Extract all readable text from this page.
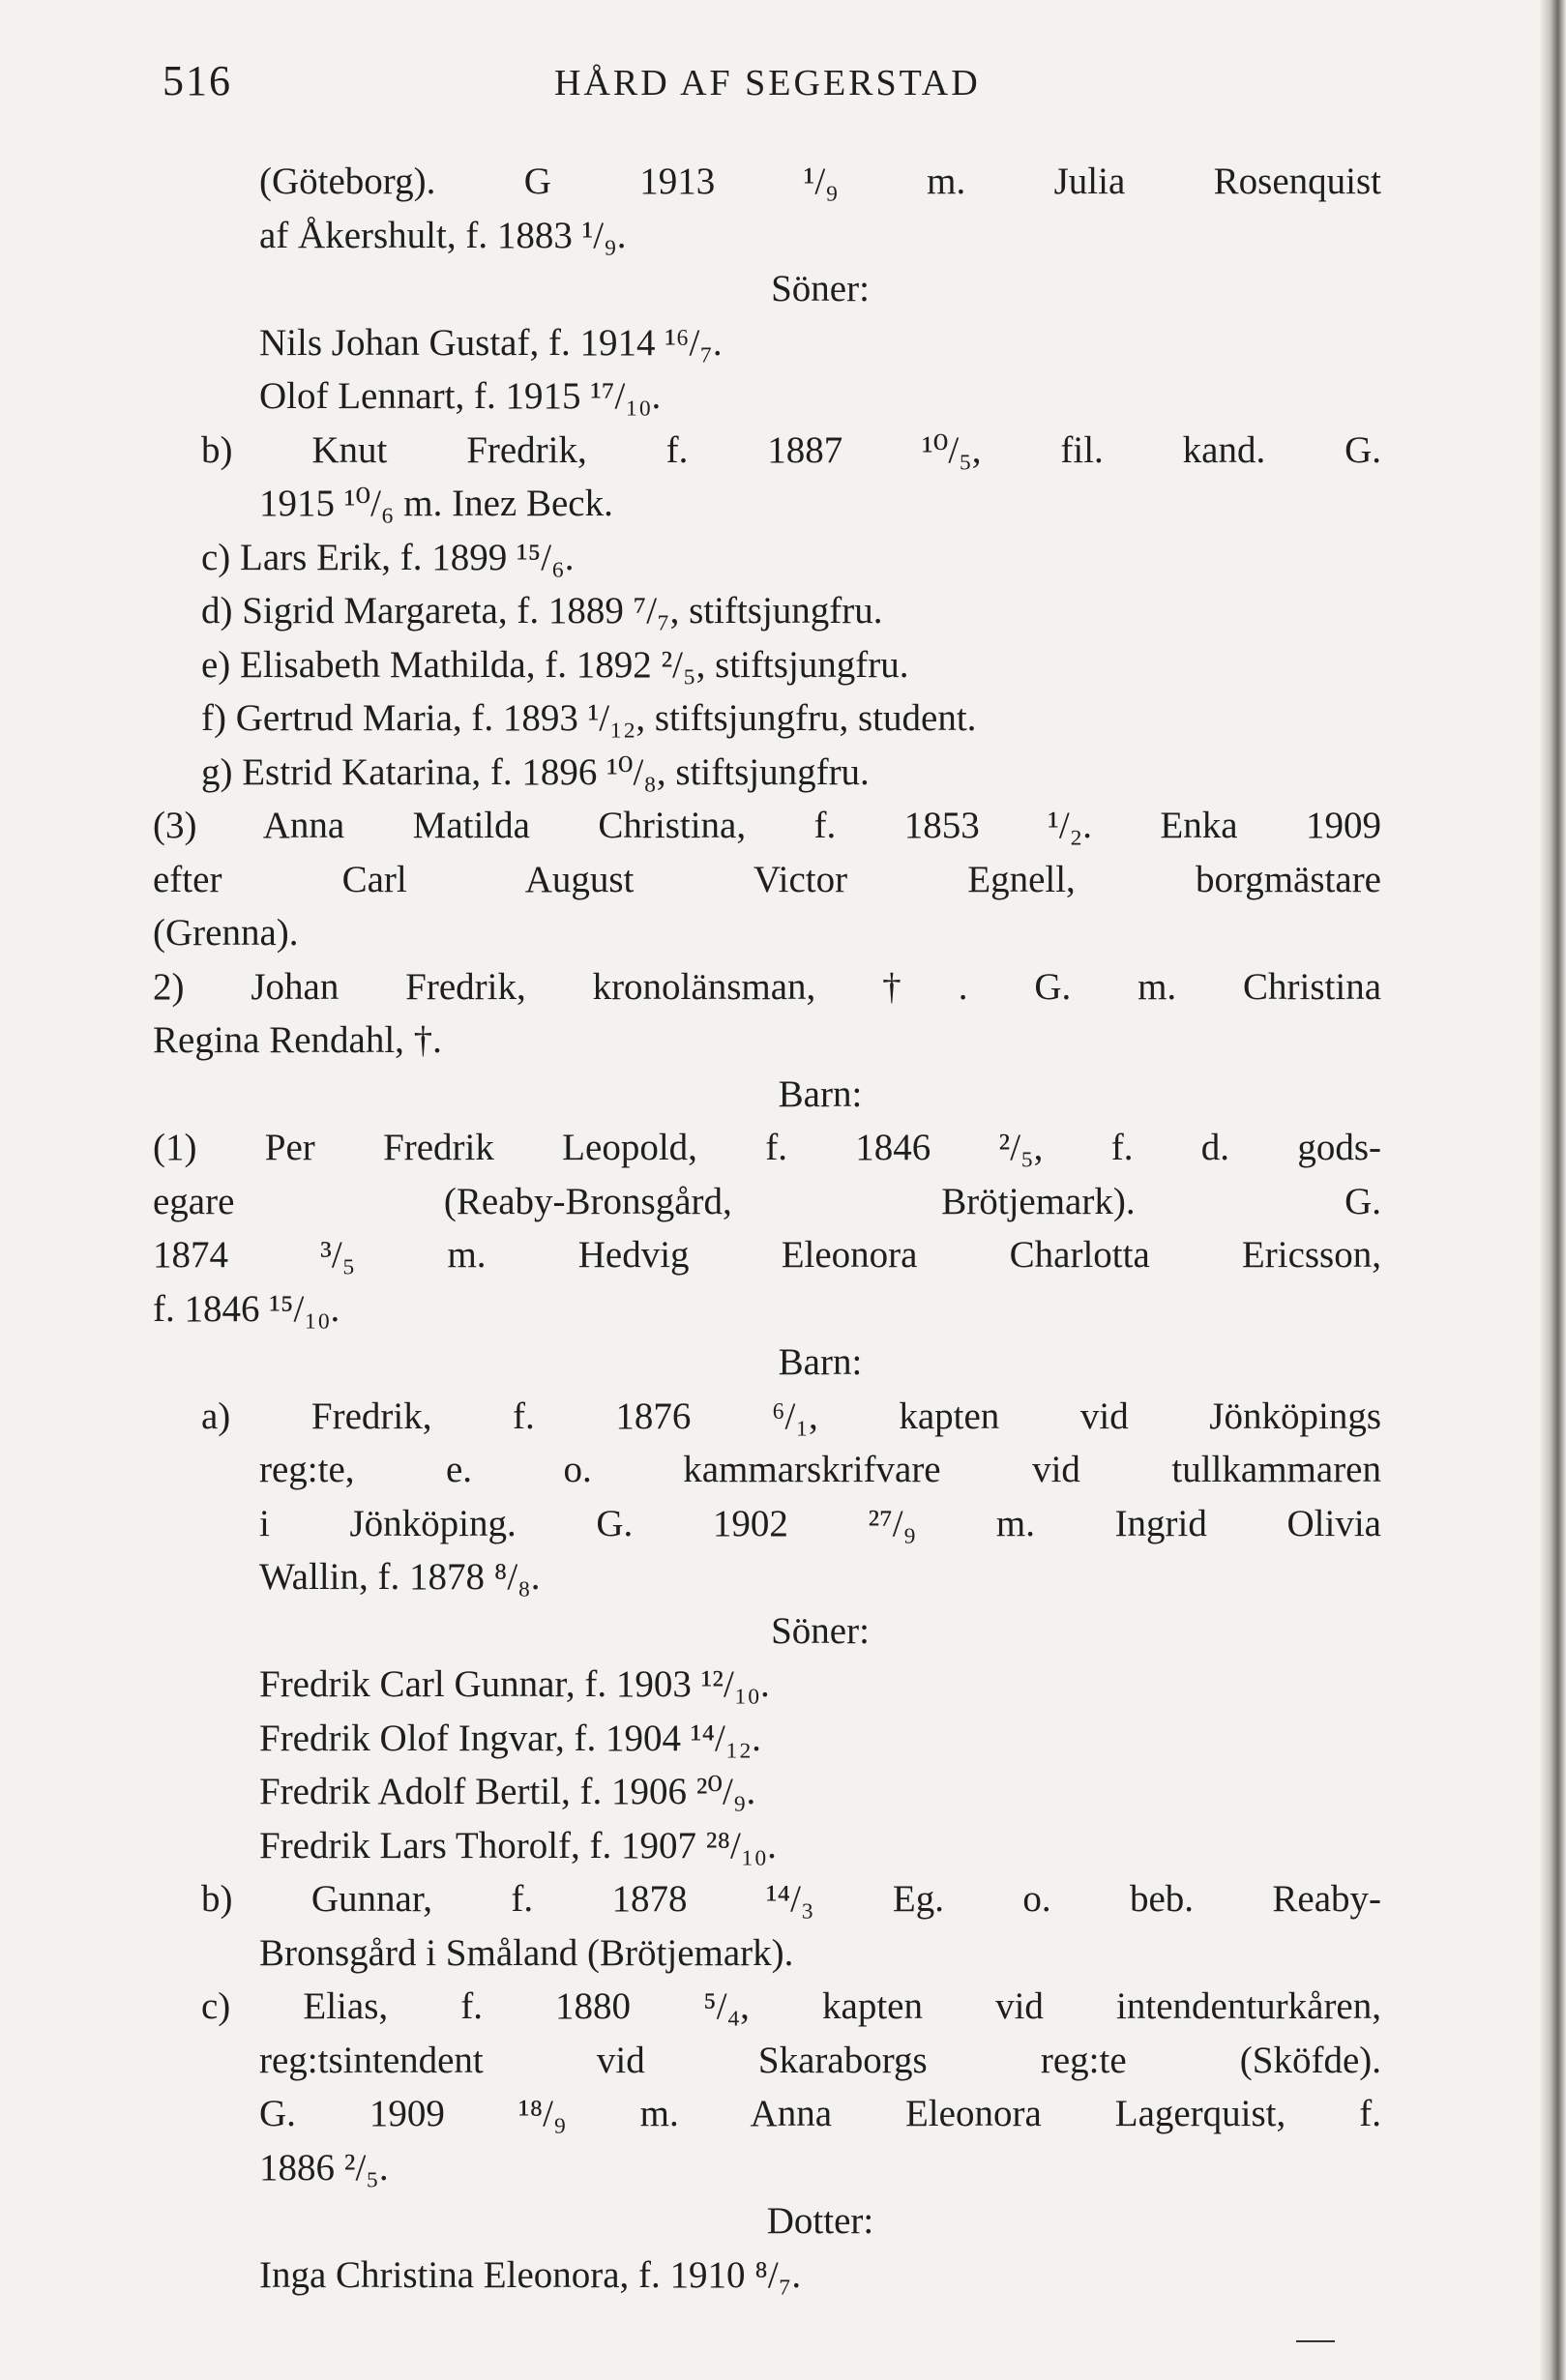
516	HÅRD AF SEGERSTAD
(Göteborg). G 1913 ¹/₉ m. Julia Rosenquist
af Åkershult, f. 1883 ¹/₉.
Söner:
Nils Johan Gustaf, f. 1914 ¹⁶/₇.
Olof Lennart, f. 1915 ¹⁷/₁₀.
b) Knut Fredrik, f. 1887 ¹⁰/₅, fil. kand. G.
1915 ¹⁰/₆ m. Inez Beck.
c) Lars Erik, f. 1899 ¹⁵/₆.
d) Sigrid Margareta, f. 1889 ⁷/₇, stiftsjungfru.
e) Elisabeth Mathilda, f. 1892 ²/₅, stiftsjungfru.
f) Gertrud Maria, f. 1893 ¹/₁₂, stiftsjungfru, student.
g) Estrid Katarina, f. 1896 ¹⁰/₈, stiftsjungfru.
(3) Anna Matilda Christina, f. 1853 ¹/₂. Enka 1909
efter Carl August Victor Egnell, borgmästare
(Grenna).
2) Johan Fredrik, kronolänsman, †. G. m. Christina
Regina Rendahl, †.
Barn:
(1) Per Fredrik Leopold, f. 1846 ²/₅, f. d. gods-
egare (Reaby-Bronsgård, Brötjemark). G.
1874 ³/₅ m. Hedvig Eleonora Charlotta Ericsson,
f. 1846 ¹⁵/₁₀.
Barn:
a) Fredrik, f. 1876 ⁶/₁, kapten vid Jönköpings
reg:te, e. o. kammarskrifvare vid tullkammaren
i Jönköping. G. 1902 ²⁷/₉ m. Ingrid Olivia
Wallin, f. 1878 ⁸/₈.
Söner:
Fredrik Carl Gunnar, f. 1903 ¹²/₁₀.
Fredrik Olof Ingvar, f. 1904 ¹⁴/₁₂.
Fredrik Adolf Bertil, f. 1906 ²⁰/₉.
Fredrik Lars Thorolf, f. 1907 ²⁸/₁₀.
b) Gunnar, f. 1878 ¹⁴/₃ Eg. o. beb. Reaby-
Bronsgård i Småland (Brötjemark).
c) Elias, f. 1880 ⁵/₄, kapten vid intendenturkåren,
reg:tsintendent vid Skaraborgs reg:te (Sköfde).
G. 1909 ¹⁸/₉ m. Anna Eleonora Lagerquist, f.
1886 ²/₅.
Dotter:
Inga Christina Eleonora, f. 1910 ⁸/₇.
